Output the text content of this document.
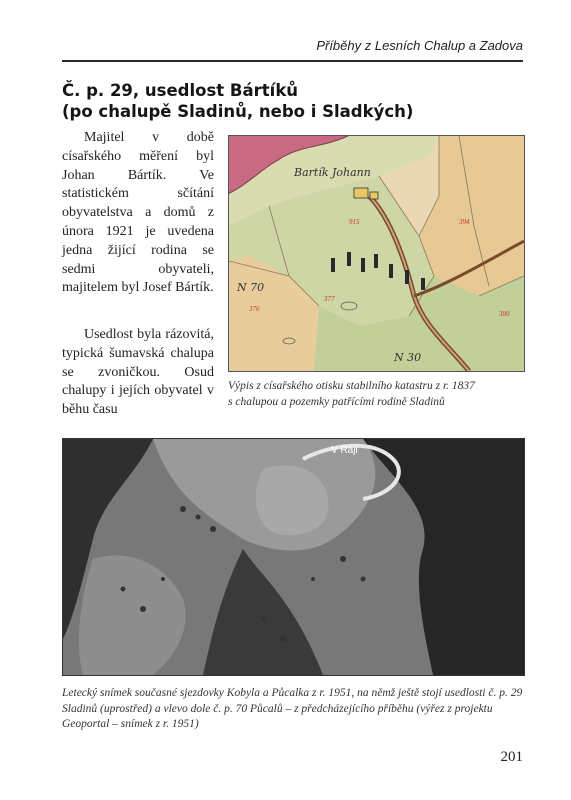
Příběhy z Lesních Chalup a Zadova
Č. p. 29, usedlost Bártíků
(po chalupě Sladinů, nebo i Sladkých)

Majitel v době císařského měření byl Johan Bártík. Ve statistickém sčítání obyvatelstva a domů z února 1921 je uvedena jedna žijící rodina se sedmi obyvateli, majitelem byl Josef Bártík.

Usedlost byla rázovitá, typická šumavská chalupa se zvoničkou. Osud chalupy i jejích obyvatel v běhu času

915	394
376
377
380
Bartík Johann
N 70
N 30
Výpis z císařského otisku stabilního katastru z r. 1837
s chalupou a pozemky patřícími rodině Sladinů
V Ráji
Letecký snímek současné sjezdovky Kobyla a Půcalka z r. 1951, na němž ještě stojí usedlosti č. p. 29 Sladinů (uprostřed) a vlevo dole č. p. 70 Půcalů – z předcházejícího příběhu (výřez z projektu Geoportal – snímek z r. 1951)
201
